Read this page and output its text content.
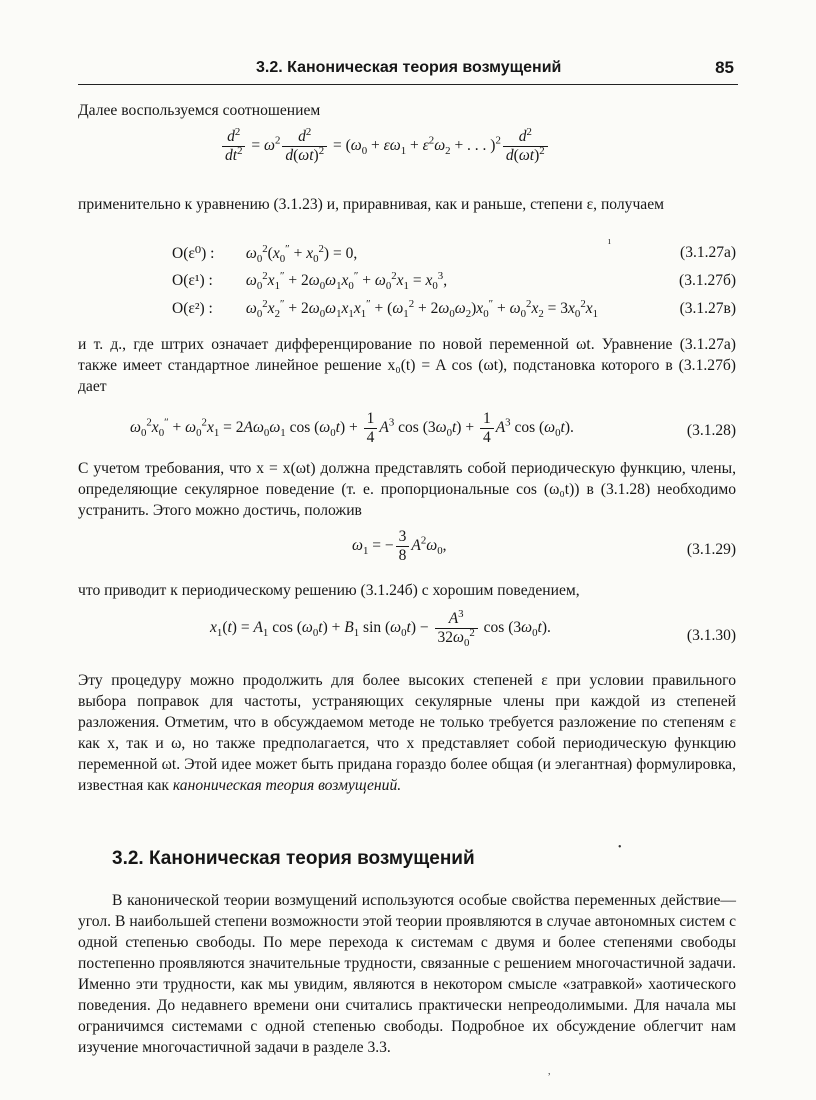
3.2. Каноническая теория возмущений	85
Далее воспользуемся соотношением
$\frac{d^2}{dt^2} = \omega^2 \frac{d^2}{d(\omega t)^2} = (\omega_0 + \varepsilon\omega_1 + \varepsilon^2\omega_2$ + . . . )$^2 \frac{d^2}{d(\omega t)^2}$
применительно к уравнению (3.1.23) и, приравнивая, как и раньше, степени ε, получаем
O(ε⁰) : $\omega_0^2(x_0'' + x_0^2) = 0$,	(3.1.27а)
O(ε¹) : $\omega_0^2x_1'' + 2\omega_0\omega_1x_0'' + \omega_0^2x_1 = x_0^3$,	(3.1.27б)
O(ε²) : $\omega_0^2x_2'' + 2\omega_0\omega_1x_1x_1'' + (\omega_1^2 + 2\omega_0\omega_2)x_0'' + \omega_0^2x_2 = 3x_0^2x_1$	(3.1.27в)
и т. д., где штрих означает дифференцирование по новой переменной ωt. Уравнение (3.1.27а) также имеет стандартное линейное решение x₀(t) = A cos (ωt), подстановка которого в (3.1.27б) дает
$\omega_0^2x_0'' + \omega_0^2x_1 = 2A\omega_0\omega_1$ $\cos (\omega_0t) + \frac{1}{4} A^3$ $\cos (3\omega_0t) + \frac{1}{4} A^3$ $\cos (\omega_0t)$.	(3.1.28)
С учетом требования, что x = x(ωt) должна представлять собой периодическую функцию, члены, определяющие секулярное поведение (т. е. пропорциональные cos (ω₀t)) в (3.1.28) необходимо устранить. Этого можно достичь, положив
$\omega_1$ = − $\frac{3}{8} A^2\omega_0$,	(3.1.29)
что приводит к периодическому решению (3.1.24б) с хорошим поведением,
$x_1(t) = A_1$ $\cos (\omega_0t) + B_1$ $\sin (\omega_0t) - \frac{A^3}{32\omega_0^2}$ $\cos (3\omega_0t)$.	(3.1.30)
Эту процедуру можно продолжить для более высоких степеней ε при условии правильного выбора поправок для частоты, устраняющих секулярные члены при каждой из степеней разложения. Отметим, что в обсуждаемом методе не только требуется разложение по степеням ε как x, так и ω, но также предполагается, что x представляет собой периодическую функцию переменной ωt. Этой идее может быть придана гораздо более общая (и элегантная) формулировка, известная как каноническая теория возмущений.
3.2. Каноническая теория возмущений
В канонической теории возмущений используются особые свойства переменных действие—угол. В наибольшей степени возможности этой теории проявляются в случае автономных систем с одной степенью свободы. По мере перехода к системам с двумя и более степенями свободы постепенно проявляются значительные трудности, связанные с решением многочастичной задачи. Именно эти трудности, как мы увидим, являются в некотором смысле «затравкой» хаотического поведения. До недавнего времени они считались практически непреодолимыми. Для начала мы ограничимся системами с одной степенью свободы. Подробное их обсуждение облегчит нам изучение многочастичной задачи в разделе 3.3.
ı
•
,
